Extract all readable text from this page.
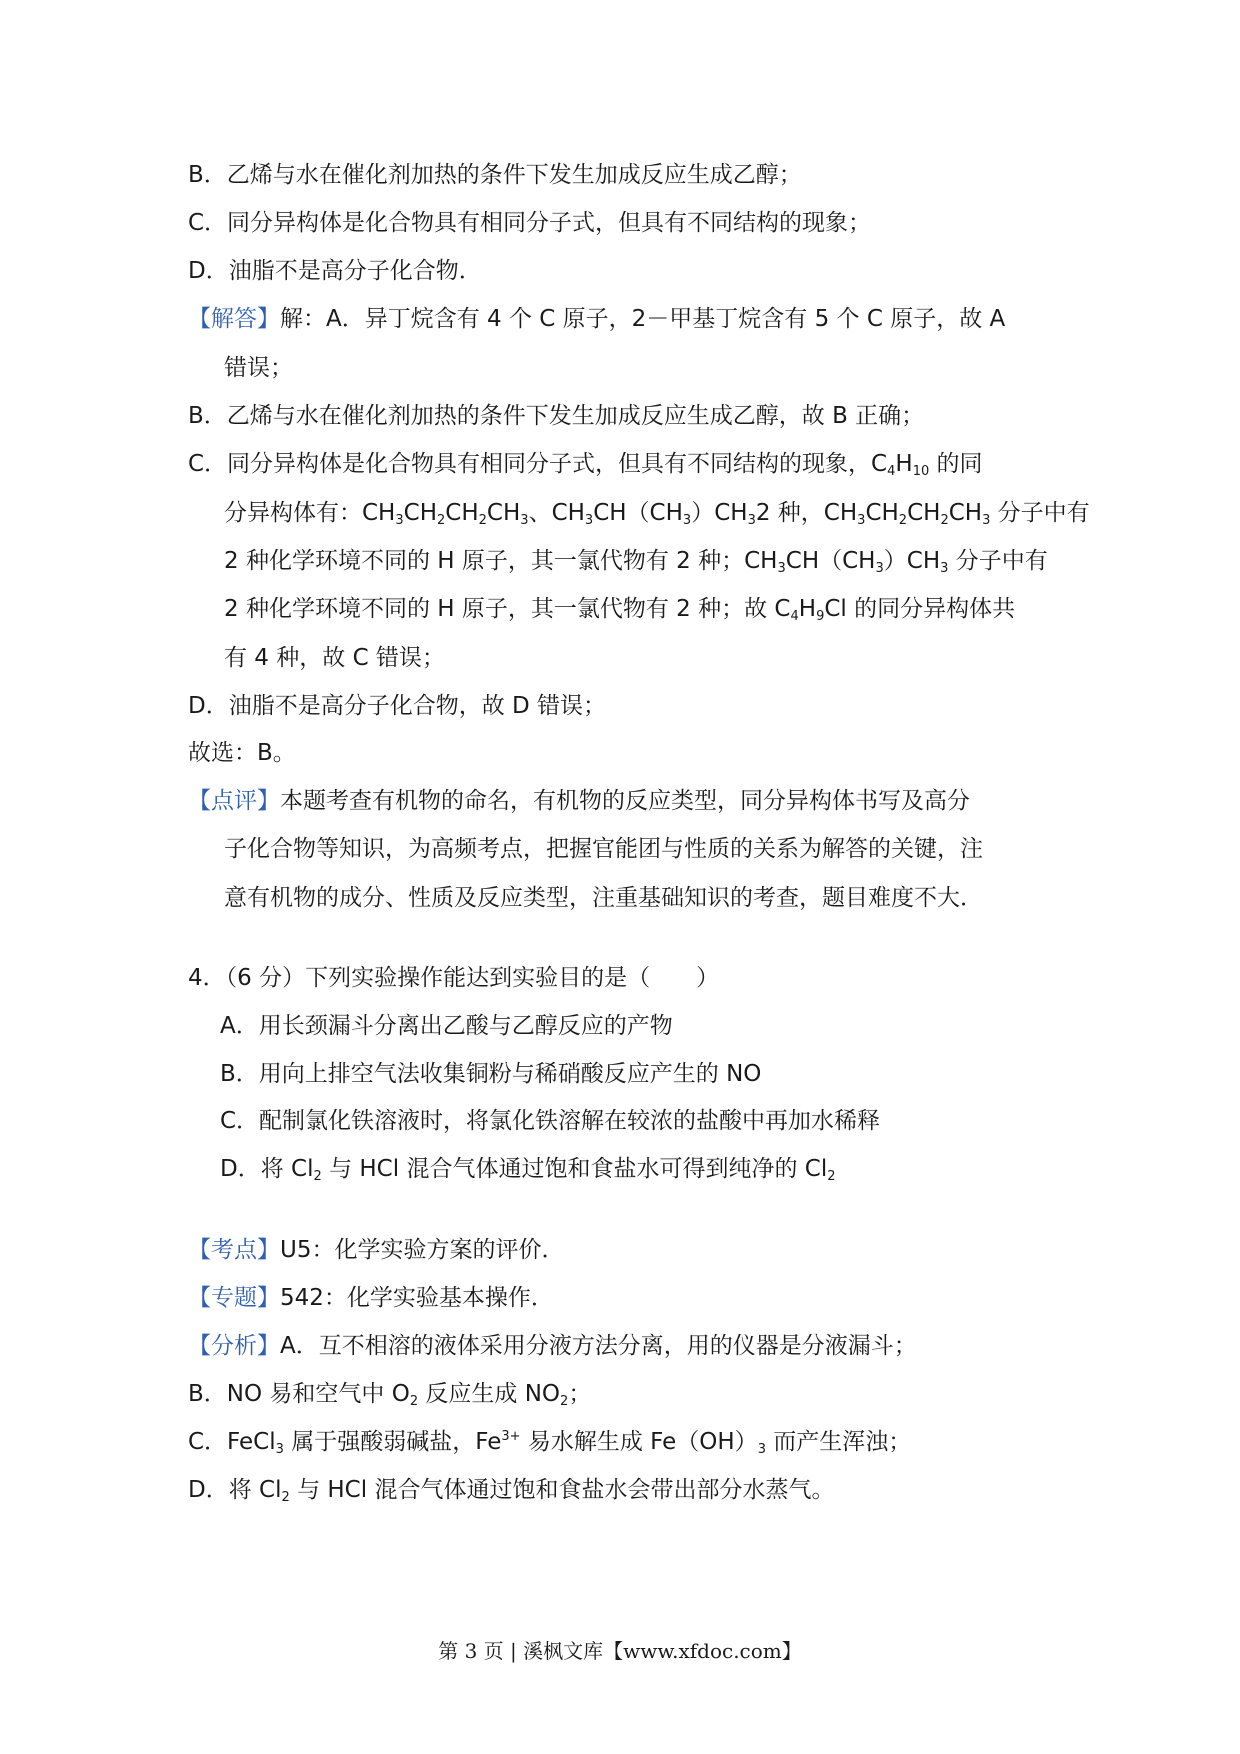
B．乙烯与水在催化剂加热的条件下发生加成反应生成乙醇；
C．同分异构体是化合物具有相同分子式，但具有不同结构的现象；
D．油脂不是高分子化合物．
【解答】解：A．异丁烷含有 4 个 C 原子，2－甲基丁烷含有 5 个 C 原子，故 A
错误；
B．乙烯与水在催化剂加热的条件下发生加成反应生成乙醇，故 B 正确；
C．同分异构体是化合物具有相同分子式，但具有不同结构的现象，$C_4H_{10}$ 的同
分异构体有：$CH_3CH_2CH_2CH_3$、$CH_3CH(CH_3)CH_32$ 种，$CH_3CH_2CH_2CH_3$ 分子中有
2 种化学环境不同的 H 原子，其一氯代物有 2 种；$CH_3CH(CH_3)CH_3$ 分子中有
2 种化学环境不同的 H 原子，其一氯代物有 2 种；故 $C_4H_9Cl$ 的同分异构体共
有 4 种，故 C 错误；
D．油脂不是高分子化合物，故 D 错误；
故选：B。
【点评】本题考查有机物的命名，有机物的反应类型，同分异构体书写及高分
子化合物等知识，为高频考点，把握官能团与性质的关系为解答的关键，注
意有机物的成分、性质及反应类型，注重基础知识的考查，题目难度不大．
4．（6 分）下列实验操作能达到实验目的是（　　）
A．用长颈漏斗分离出乙酸与乙醇反应的产物
B．用向上排空气法收集铜粉与稀硝酸反应产生的 NO
C．配制氯化铁溶液时，将氯化铁溶解在较浓的盐酸中再加水稀释
D．将 $Cl_2$ 与 HCl 混合气体通过饱和食盐水可得到纯净的 $Cl_2$
【考点】U5：化学实验方案的评价．
【专题】542：化学实验基本操作．
【分析】A．互不相溶的液体采用分液方法分离，用的仪器是分液漏斗；
B．NO 易和空气中 $O_2$ 反应生成 $NO_2$；
C．FeCl$_3$ 属于强酸弱碱盐，$Fe^{3+}$ 易水解生成 $Fe(OH)_3$ 而产生浑浊；
D．将 $Cl_2$ 与 HCl 混合气体通过饱和食盐水会带出部分水蒸气。
第 3 页 | 溪枫文库【www.xfdoc.com】
